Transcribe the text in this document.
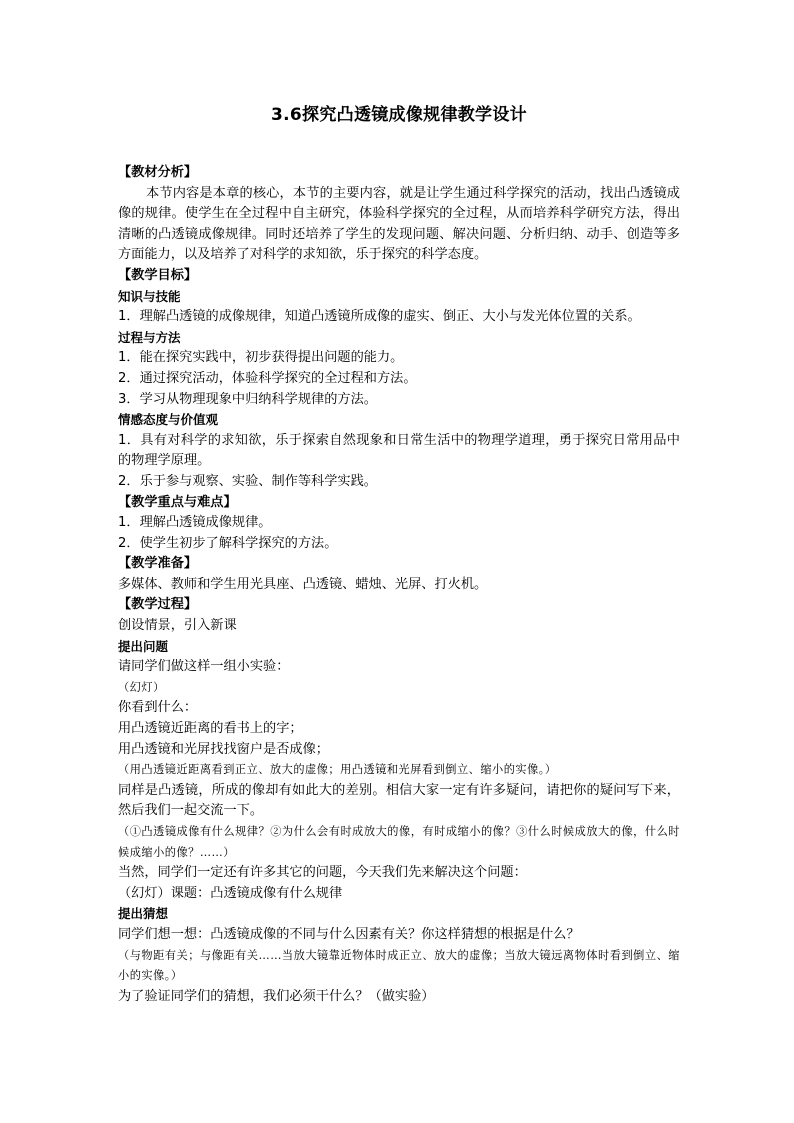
3.6探究凸透镜成像规律教学设计

【教材分析】

本节内容是本章的核心，本节的主要内容，就是让学生通过科学探究的活动，找出凸透镜成像的规律。使学生在全过程中自主研究，体验科学探究的全过程，从而培养科学研究方法，得出清晰的凸透镜成像规律。同时还培养了学生的发现问题、解决问题、分析归纳、动手、创造等多方面能力，以及培养了对科学的求知欲，乐于探究的科学态度。

【教学目标】

知识与技能

1．理解凸透镜的成像规律，知道凸透镜所成像的虚实、倒正、大小与发光体位置的关系。

过程与方法

1．能在探究实践中，初步获得提出问题的能力。

2．通过探究活动，体验科学探究的全过程和方法。

3．学习从物理现象中归纳科学规律的方法。

情感态度与价值观

1．具有对科学的求知欲，乐于探索自然现象和日常生活中的物理学道理，勇于探究日常用品中的物理学原理。

2．乐于参与观察、实验、制作等科学实践。

【教学重点与难点】

1．理解凸透镜成像规律。

2．使学生初步了解科学探究的方法。

【教学准备】

多媒体、教师和学生用光具座、凸透镜、蜡烛、光屏、打火机。

【教学过程】

创设情景，引入新课

提出问题

请同学们做这样一组小实验：

（幻灯）

你看到什么：

用凸透镜近距离的看书上的字；

用凸透镜和光屏找找窗户是否成像；

（用凸透镜近距离看到正立、放大的虚像；用凸透镜和光屏看到倒立、缩小的实像。）

同样是凸透镜，所成的像却有如此大的差别。相信大家一定有许多疑问，请把你的疑问写下来，然后我们一起交流一下。

（①凸透镜成像有什么规律？②为什么会有时成放大的像，有时成缩小的像？③什么时候成放大的像，什么时候成缩小的像？……）

当然，同学们一定还有许多其它的问题，今天我们先来解决这个问题：

（幻灯）课题：凸透镜成像有什么规律

提出猜想

同学们想一想：凸透镜成像的不同与什么因素有关？你这样猜想的根据是什么？

（与物距有关；与像距有关……当放大镜靠近物体时成正立、放大的虚像；当放大镜远离物体时看到倒立、缩小的实像。）

为了验证同学们的猜想，我们必须干什么？（做实验）
